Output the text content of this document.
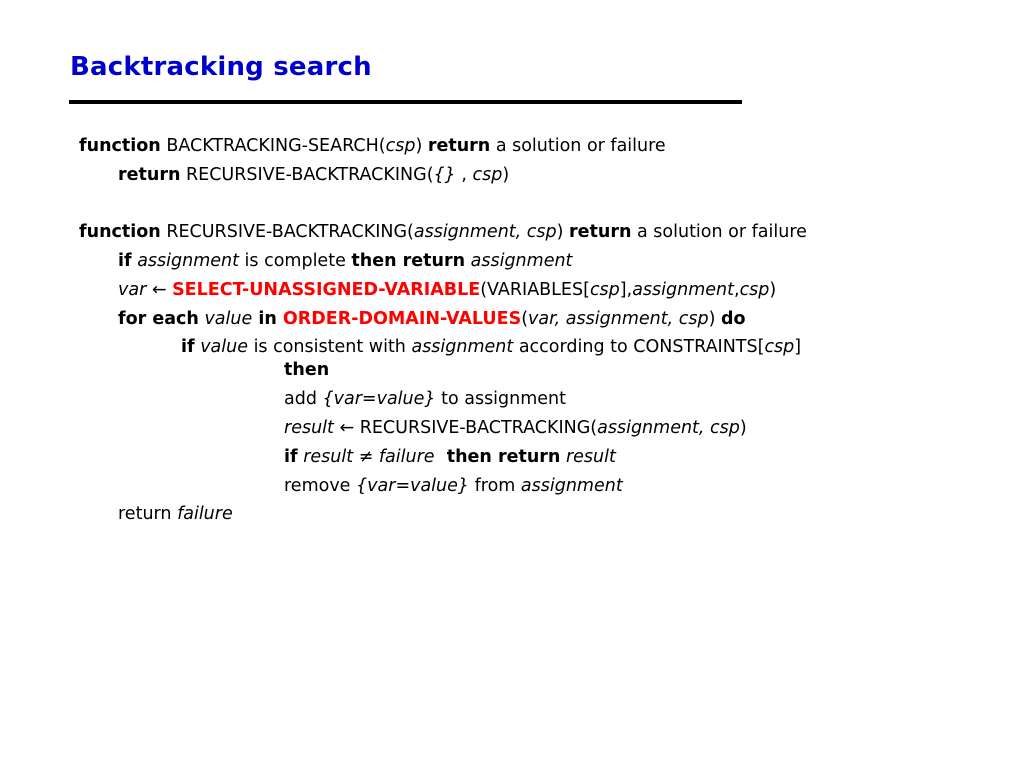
Backtracking search
function BACKTRACKING-SEARCH(csp) return a solution or failure
return RECURSIVE-BACKTRACKING({} , csp)
function RECURSIVE-BACKTRACKING(assignment, csp) return a solution or failure
if assignment is complete then return assignment
var ← SELECT-UNASSIGNED-VARIABLE(VARIABLES[csp],assignment,csp)
for each value in ORDER-DOMAIN-VALUES(var, assignment, csp) do
if value is consistent with assignment according to CONSTRAINTS[csp]
then
add {var=value} to assignment
result ← RECURSIVE-BACTRACKING(assignment, csp)
if result ≠ failure  then return result
remove {var=value} from assignment
return failure
